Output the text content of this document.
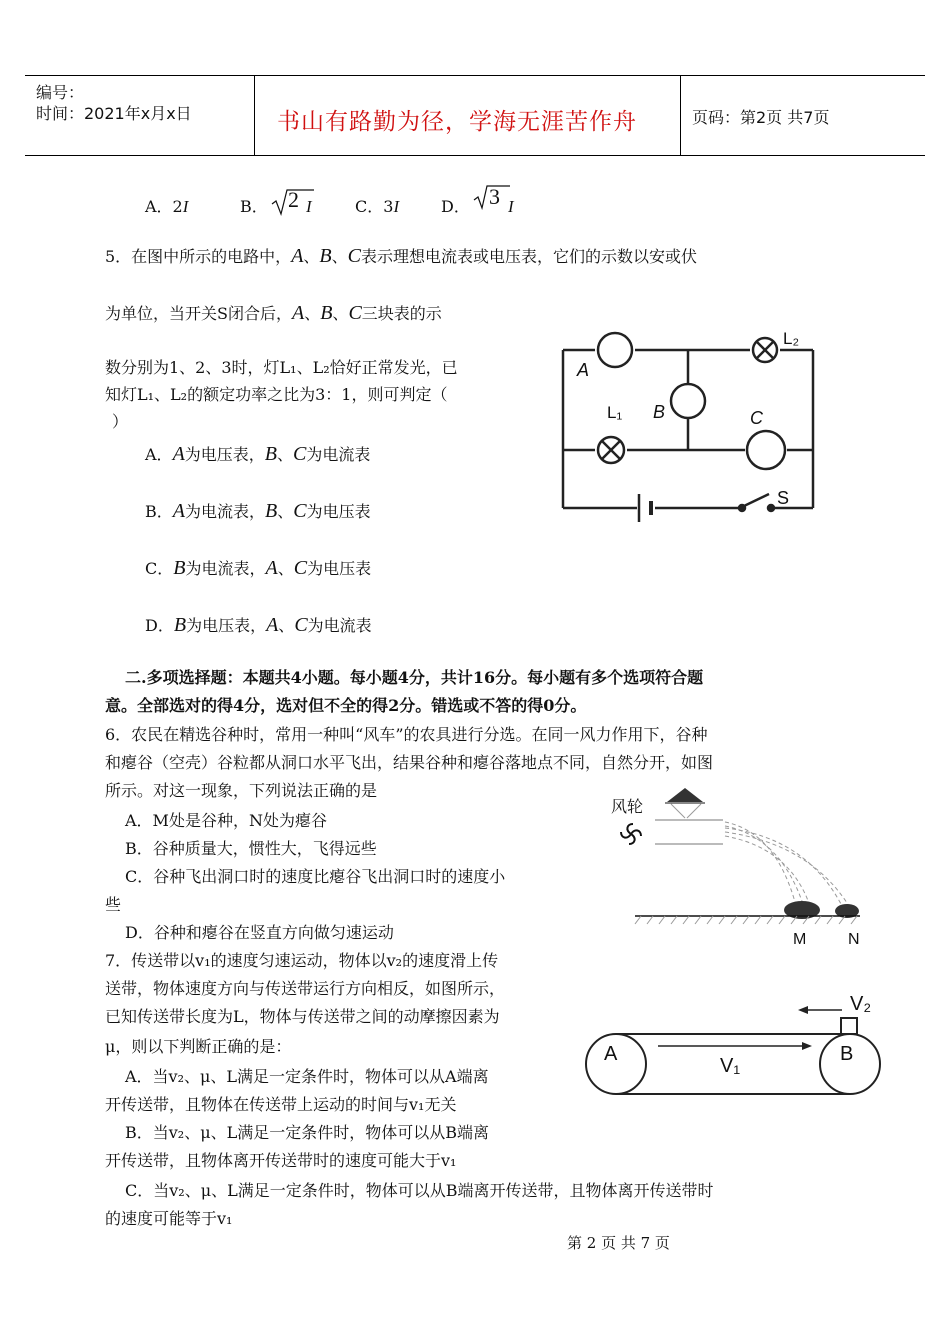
编号：
时间：2021年x月x日	书山有路勤为径，学海无涯苦作舟	页码：第2页 共7页
A．2I	B． 2 I	C．3I	D． 3 I
5．在图中所示的电路中，A、B、C表示理想电流表或电压表，它们的示数以安或伏
为单位，当开关S闭合后，A、B、C三块表的示
数分别为1、2、3时，灯L₁、L₂恰好正常发光，已
知灯L₁、L₂的额定功率之比为3：1，则可判定（
）
A．A为电压表，B、C为电流表
B．A为电流表，B、C为电压表
C．B为电流表，A、C为电压表
D．B为电压表，A、C为电流表
A
B	C
L₁
L₂
S
二.多项选择题：本题共4小题。每小题4分，共计16分。每小题有多个选项符合题
意。全部选对的得4分，选对但不全的得2分。错选或不答的得0分。
6．农民在精选谷种时，常用一种叫“风车”的农具进行分选。在同一风力作用下，谷种
和瘪谷（空壳）谷粒都从洞口水平飞出，结果谷种和瘪谷落地点不同，自然分开，如图
所示。对这一现象，下列说法正确的是
A．M处是谷种，N处为瘪谷
B．谷种质量大，惯性大，飞得远些
C．谷种飞出洞口时的速度比瘪谷飞出洞口时的速度小
些
D．谷种和瘪谷在竖直方向做匀速运动
风轮
M	N
7．传送带以v₁的速度匀速运动，物体以v₂的速度滑上传
送带，物体速度方向与传送带运行方向相反，如图所示，
已知传送带长度为L，物体与传送带之间的动摩擦因素为
μ，则以下判断正确的是：
A．当v₂、μ、L满足一定条件时，物体可以从A端离
开传送带，且物体在传送带上运动的时间与v₁无关
B．当v₂、μ、L满足一定条件时，物体可以从B端离
开传送带，且物体离开传送带时的速度可能大于v₁
C．当v₂、μ、L满足一定条件时，物体可以从B端离开传送带，且物体离开传送带时
的速度可能等于v₁
A	B
V₁
V₂
第 2 页 共 7 页
